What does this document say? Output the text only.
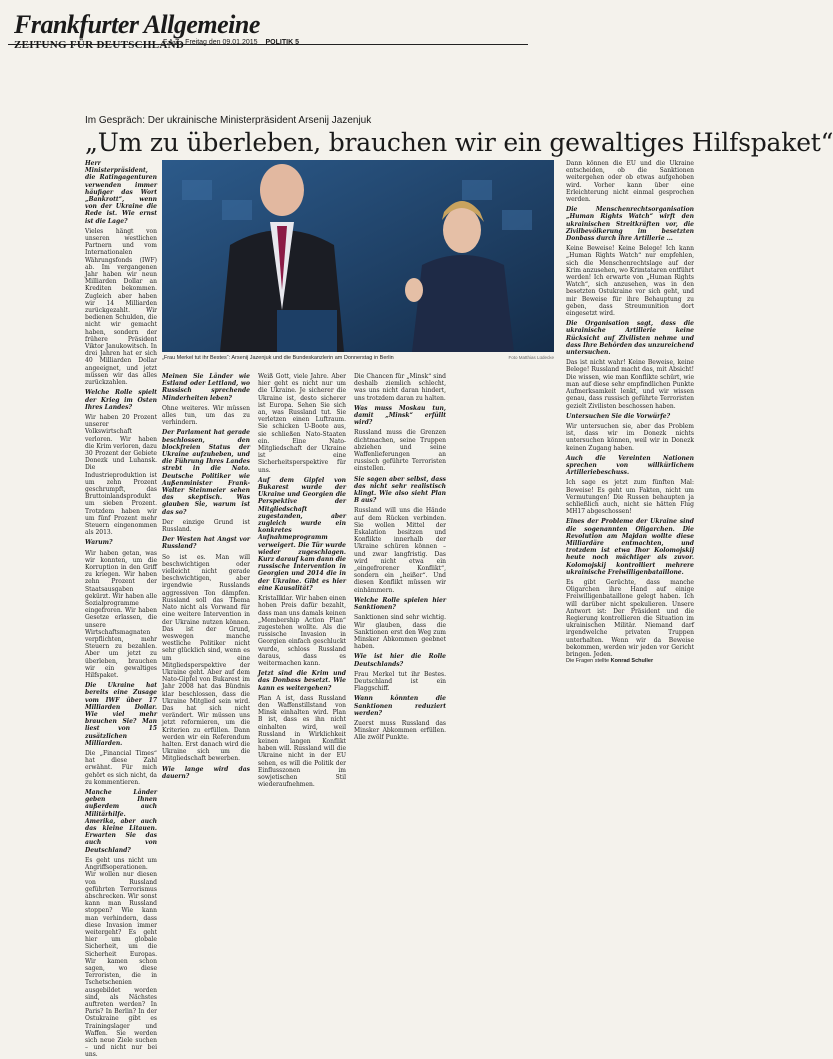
Frankfurter Allgemeine
ZEITUNG FÜR DEUTSCHLAND
F.A.Z., Freitag den 09.01.2015 POLITIK 5
Im Gespräch: Der ukrainische Ministerpräsident Arsenij Jazenjuk
„Um zu überleben, brauchen wir ein gewaltiges Hilfspaket“

Herr Ministerpräsident, die Ratingagenturen verwenden immer häufiger das Wort „Bankrott“, wenn von der Ukraine die Rede ist. Wie ernst ist die Lage?

Vieles hängt von unseren westlichen Partnern und vom Internationalen Währungsfonds (IWF) ab. Im vergangenen Jahr haben wir neun Milliarden Dollar an Krediten bekommen. Zugleich aber haben wir 14 Milliarden zurückgezahlt. Wir bedienen Schulden, die nicht wir gemacht haben, sondern der frühere Präsident Viktor Janukowitsch. In drei Jahren hat er sich 40 Milliarden Dollar angeeignet, und jetzt müssen wir das alles zurückzahlen.

Welche Rolle spielt der Krieg im Osten Ihres Landes?

Wir haben 20 Prozent unserer Volkswirtschaft verloren. Wir haben die Krim verloren, dazu 30 Prozent der Gebiete Donezk und Luhansk. Die Industrieproduktion ist um zehn Prozent geschrumpft, das Bruttoinlandsprodukt um sieben Prozent. Trotzdem haben wir um fünf Prozent mehr Steuern eingenommen als 2013.

Warum?

Wir haben getan, was wir konnten, um die Korruption in den Griff zu kriegen. Wir haben zehn Prozent der Staatsausgaben gekürzt. Wir haben alle Sozialprogramme eingefroren. Wir haben Gesetze erlassen, die unsere Wirtschaftsmagnaten verpflichten, mehr Steuern zu bezahlen. Aber um jetzt zu überleben, brauchen wir ein gewaltiges Hilfspaket.

Die Ukraine hat bereits eine Zusage vom IWF über 17 Milliarden Dollar. Wie viel mehr brauchen Sie? Man liest von 15 zusätzlichen Milliarden.

Die „Financial Times“ hat diese Zahl erwähnt. Für mich gehört es sich nicht, da zu kommentieren.

Manche Länder geben Ihnen außerdem auch Militärhilfe. Amerika, aber auch das kleine Litauen. Erwarten Sie das auch von Deutschland?

Es geht uns nicht um Angriffsoperationen. Wir wollen nur diesen von Russland geführten Terrorismus abschrecken. Wir sonst kann man Russland stoppen? Wie kann man verhindern, dass diese Invasion immer weitergeht? Es geht hier um globale Sicherheit, um die Sicherheit Europas. Wir kamen schon sagen, wo diese Terroristen, die in Tschetschenien ausgebildet worden sind, als Nächstes auftreten werden? In Paris? In Berlin? In der Ostukraine gibt es Trainingslager und Waffen. Sie werden sich neue Ziele suchen – und nicht nur bei uns.

„Frau Merkel tut ihr Bestes“: Arsenij Jazenjuk und die Bundeskanzlerin am Donnerstag in Berlin	Foto Matthias Lüdecke

Meinen Sie Länder wie Estland oder Lettland, wo Russisch sprechende Minderheiten leben?

Ohne weiteres. Wir müssen alles tun, um das zu verhindern.

Der Parlament hat gerade beschlossen, den blockfreien Status der Ukraine aufzuheben, und die Führung Ihres Landes strebt in die Nato. Deutsche Politiker wie Außenminister Frank-Walter Steinmeier sehen das skeptisch. Was glauben Sie, warum ist das so?

Der einzige Grund ist Russland.

Der Westen hat Angst vor Russland?

So ist es. Man will beschwichtigen oder vielleicht nicht gerade beschwichtigen, aber irgendwie Russlands aggressiven Ton dämpfen. Russland soll das Thema Nato nicht als Vorwand für eine weitere Intervention in der Ukraine nutzen können. Das ist der Grund, weswegen manche westliche Politiker nicht sehr glücklich sind, wenn es um eine Mitgliedsperspektive der Ukraine geht. Aber auf dem Nato-Gipfel von Bukarest im Jahr 2008 hat das Bündnis klar beschlossen, dass die Ukraine Mitglied sein wird. Das hat sich nicht verändert. Wir müssen uns jetzt reformieren, um die Kriterien zu erfüllen. Dann werden wir ein Referendum halten. Erst danach wird die Ukraine sich um die Mitgliedschaft bewerben.

Wie lange wird das dauern?

Weiß Gott, viele Jahre. Aber hier geht es nicht nur um die Ukraine. Je sicherer die Ukraine ist, desto sicherer ist Europa. Sehen Sie sich an, was Russland tut. Sie verletzen einen Luftraum. Sie schicken U-Boote aus, sie schließen Nato-Staaten ein. Eine Nato-Mitgliedschaft der Ukraine ist eine Sicherheitsperspektive für uns.

Auf dem Gipfel von Bukarest wurde der Ukraine und Georgien die Perspektive der Mitgliedschaft zugestanden, aber zugleich wurde ein konkretes Aufnahmeprogramm verweigert. Die Tür wurde wieder zugeschlagen. Kurz darauf kam dann die russische Intervention in Georgien und 2014 die in der Ukraine. Gibt es hier eine Kausalität?

Kristallklar. Wir haben einen hohen Preis dafür bezahlt, dass man uns damals keinen „Membership Action Plan“ zugestehen wollte. Als die russische Invasion in Georgien einfach geschluckt wurde, schloss Russland daraus, dass es weitermachen kann.

Jetzt sind die Krim und das Donbass besetzt. Wie kann es weitergehen?

Plan A ist, dass Russland den Waffenstillstand von Minsk einhalten wird. Plan B ist, dass es ihn nicht einhalten wird, weil Russland in Wirklichkeit keinen langen Konflikt haben will. Russland will die Ukraine nicht in der EU sehen, es will die Politik der Einflusszonen im sowjetischen Stil wiederaufnehmen.

Die Chancen für „Minsk“ sind deshalb ziemlich schlecht, was uns nicht daran hindert, uns trotzdem daran zu halten.

Was muss Moskau tun, damit „Minsk“ erfüllt wird?

Russland muss die Grenzen dichtmachen, seine Truppen abziehen und seine Waffenlieferungen an russisch geführte Terroristen einstellen.

Sie sagen aber selbst, dass das nicht sehr realistisch klingt. Wie also sieht Plan B aus?

Russland will uns die Hände auf dem Rücken verbinden. Sie wollen Mittel der Eskalation besitzen und Konflikte innerhalb der Ukraine schüren können – und zwar langfristig. Das wird nicht etwa ein „eingefrorener Konflikt“, sondern ein „heißer“. Und diesen Konflikt müssen wir einhämmern.

Welche Rolle spielen hier Sanktionen?

Sanktionen sind sehr wichtig. Wir glauben, dass die Sanktionen erst den Weg zum Minsker Abkommen geebnet haben.

Wie ist hier die Rolle Deutschlands?

Frau Merkel tut ihr Bestes. Deutschland ist ein Flaggschiff.

Wann könnten die Sanktionen reduziert werden?

Zuerst muss Russland das Minsker Abkommen erfüllen. Alle zwölf Punkte.

Dann können die EU und die Ukraine entscheiden, ob die Sanktionen weitergehen oder ob etwas aufgehoben wird. Vorher kann über eine Erleichterung nicht einmal gesprochen werden.

Die Menschenrechtsorganisation „Human Rights Watch“ wirft den ukrainischen Streitkräften vor, die Zivilbevölkerung im besetzten Donbass durch ihre Artillerie ...

Keine Beweise! Keine Belege! Ich kann „Human Rights Watch“ nur empfehlen, sich die Menschenrechtslage auf der Krim anzusehen, wo Krimtataren entführt werden! Ich erwarte von „Human Rights Watch“, sich anzusehen, was in den besetzten Ostukraine vor sich geht, und mir Beweise für ihre Behauptung zu geben, dass Streumunition dort eingesetzt wird.

Die Organisation sagt, dass die ukrainische Artillerie keine Rücksicht auf Zivilisten nehme und dass Ihre Behörden das unzureichend untersuchen.

Das ist nicht wahr! Keine Beweise, keine Belege! Russland macht das, mit Absicht! Die wissen, wie man Konflikte schürt, wie man auf diese sehr empfindlichen Punkte Aufmerksamkeit lenkt, und wir wissen genau, dass russisch geführte Terroristen gezielt Zivilisten beschossen haben.

Untersuchen Sie die Vorwürfe?

Wir untersuchen sie, aber das Problem ist, dass wir im Donezk nichts untersuchen können, weil wir in Donezk keinen Zugang haben.

Auch die Vereinten Nationen sprechen von willkürlichem Artilleriebeschuss.

Ich sage es jetzt zum fünften Mal: Beweise! Es geht um Fakten, nicht um Vermutungen! Die Russen behaupten ja schließlich auch, nicht sie hätten Flug MH17 abgeschossen!

Eines der Probleme der Ukraine sind die sogenannten Oligarchen. Die Revolution am Majdan wollte diese Milliardäre entmachten, und trotzdem ist etwa Ihor Kolomojskij heute noch mächtiger als zuvor. Kolomojskij kontrolliert mehrere ukrainische Freiwilligenbataillone.

Es gibt Gerüchte, dass manche Oligarchen ihre Hand auf einige Freiwilligenbataillone gelegt haben. Ich will darüber nicht spekulieren. Unsere Antwort ist: Der Präsident und die Regierung kontrollieren die Situation im ukrainischen Militär. Niemand darf irgendwelche privaten Truppen unterhalten. Wenn wir da Beweise bekommen, werden wir jeden vor Gericht bringen. Jeden.

Die Fragen stellte Konrad Schuller
